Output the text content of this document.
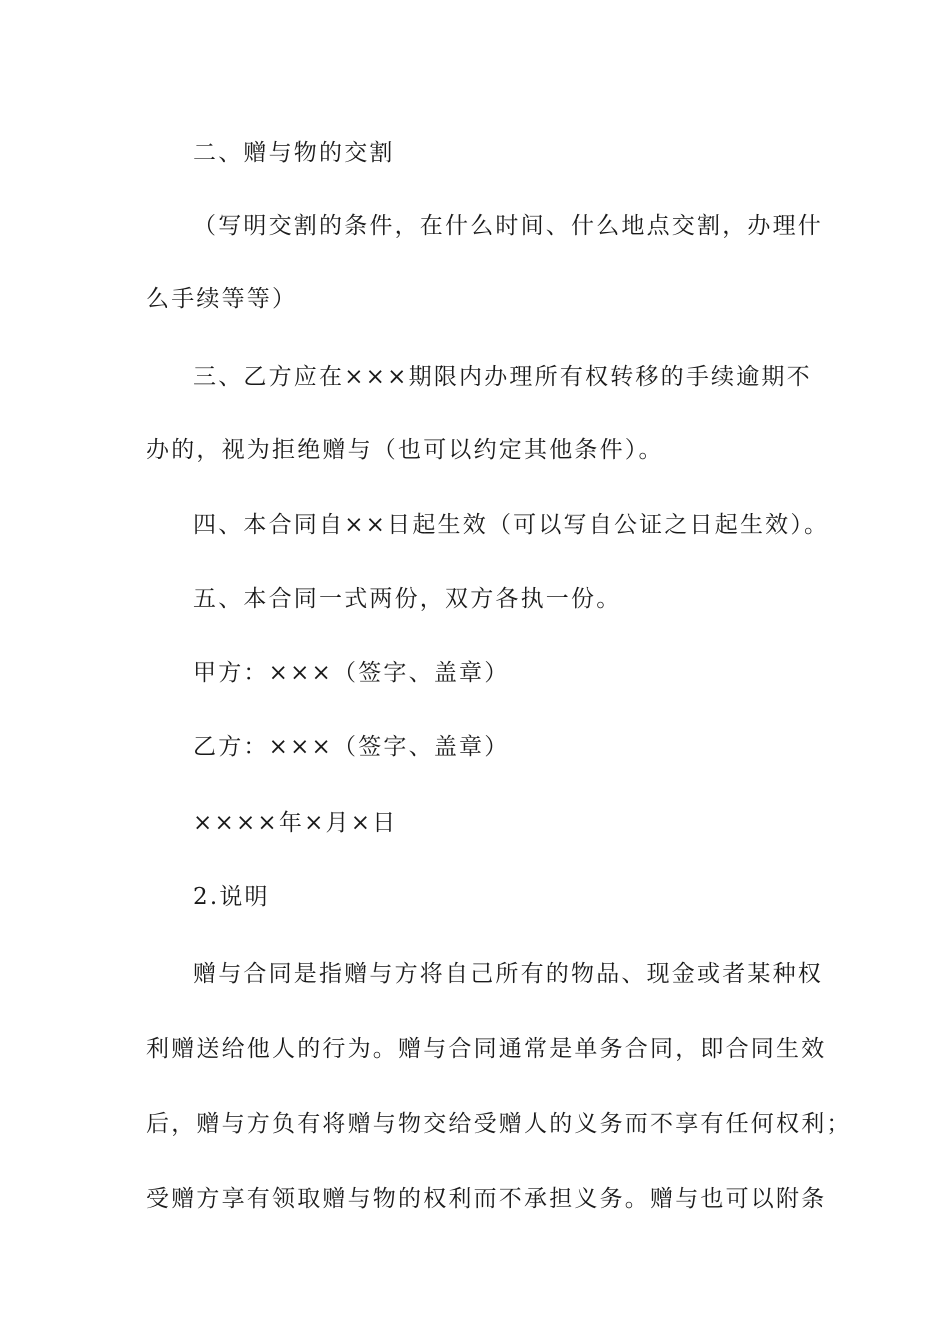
二、赠与物的交割
（写明交割的条件，在什么时间、什么地点交割，办理什
么手续等等）
三、乙方应在×××期限内办理所有权转移的手续逾期不
办的，视为拒绝赠与（也可以约定其他条件）。
四、本合同自××日起生效（可以写自公证之日起生效）。
五、本合同一式两份，双方各执一份。
甲方：×××（签字、盖章）
乙方：×××（签字、盖章）
××××年×月×日
2.说明
赠与合同是指赠与方将自己所有的物品、现金或者某种权
利赠送给他人的行为。赠与合同通常是单务合同，即合同生效
后，赠与方负有将赠与物交给受赠人的义务而不享有任何权利；
受赠方享有领取赠与物的权利而不承担义务。赠与也可以附条
